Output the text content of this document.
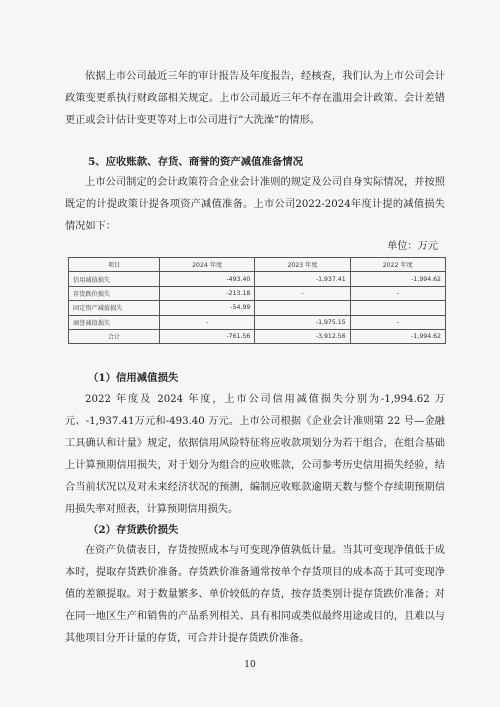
依据上市公司最近三年的审计报告及年度报告，经核查，我们认为上市公司会计政策变更系执行财政部相关规定。上市公司最近三年不存在滥用会计政策、会计差错更正或会计估计变更等对上市公司进行“大洗澡”的情形。

5、应收账款、存货、商誉的资产减值准备情况

上市公司制定的会计政策符合企业会计准则的规定及公司自身实际情况，并按照既定的计提政策计提各项资产减值准备。上市公司2022-2024年度计提的减值损失情况如下：

单位：万元
项目	2024 年度	2023 年度	2022 年度
信用减值损失	-493.40	-1,937.41	-1,994.62
存货跌价损失	-213.18	-	-
固定资产减值损失	-54.99		
商誉减值损失	-	-1,975.15	-
合计	-761.56	-3,912.56	-1,994.62

（1）信用减值损失

2022 年度及 2024 年度，上市公司信用减值损失分别为-1,994.62 万元、-1,937.41万元和-493.40 万元。上市公司根据《企业会计准则第 22 号—金融工具确认和计量》规定，依据信用风险特征将应收款项划分为若干组合，在组合基础上计算预期信用损失，对于划分为组合的应收账款，公司参考历史信用损失经验，结合当前状况以及对未来经济状况的预测，编制应收账款逾期天数与整个存续期预期信用损失率对照表，计算预期信用损失。

（2）存货跌价损失

在资产负债表日，存货按照成本与可变现净值孰低计量。当其可变现净值低于成本时，提取存货跌价准备。存货跌价准备通常按单个存货项目的成本高于其可变现净值的差额提取。对于数量繁多、单价较低的存货，按存货类别计提存货跌价准备；对在同一地区生产和销售的产品系列相关、具有相同或类似最终用途或目的，且难以与其他项目分开计量的存货，可合并计提存货跌价准备。

10
